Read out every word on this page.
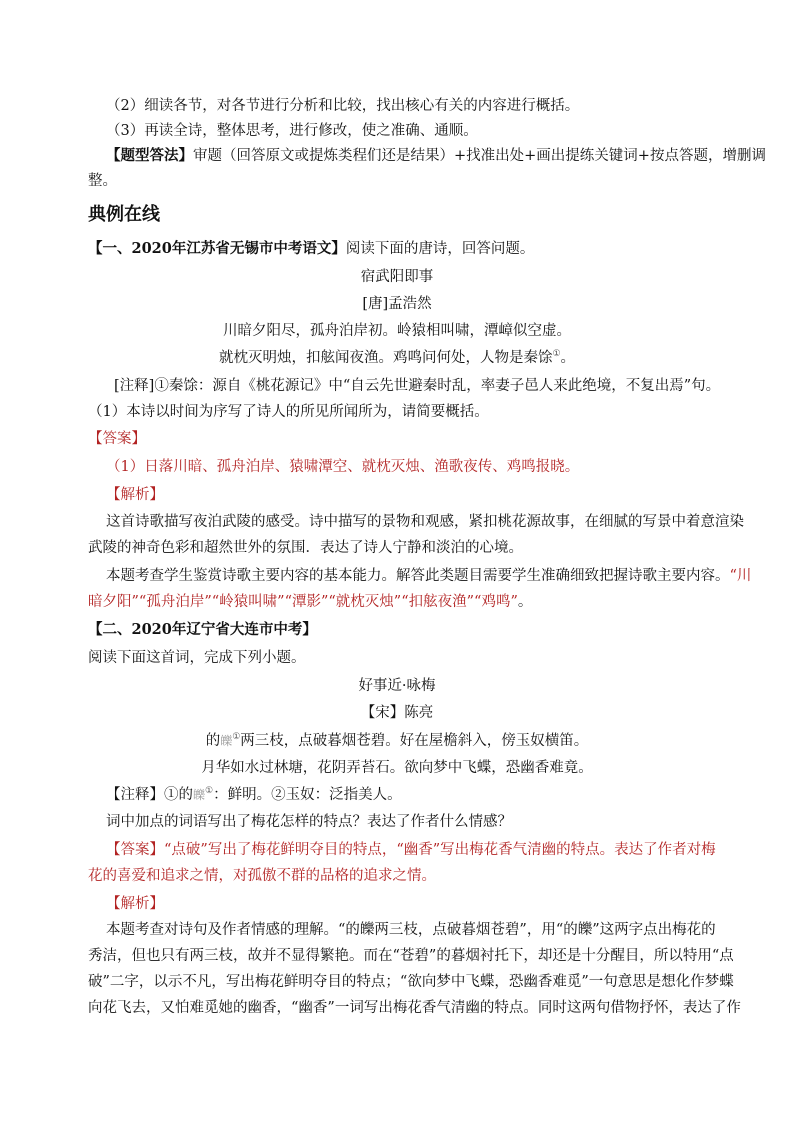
（2）细读各节，对各节进行分析和比较，找出核心有关的内容进行概括。
（3）再读全诗，整体思考，进行修改，使之准确、通顺。
【题型答法】审题（回答原文或提炼类程们还是结果）+找准出处+画出提练关键词+按点答题，增删调
整。
典例在线
【一、2020年江苏省无锡市中考语文】阅读下面的唐诗，回答问题。
宿武阳即事
[唐]孟浩然
川暗夕阳尽，孤舟泊岸初。岭猿相叫啸，潭嶂似空虚。
就枕灭明烛，扣舷闻夜渔。鸡鸣问何处，人物是秦馀①。
[注释]①秦馀：源自《桃花源记》中“自云先世避秦时乱，率妻子邑人来此绝境，不复出焉”句。
（1）本诗以时间为序写了诗人的所见所闻所为，请简要概括。
【答案】
（1）日落川暗、孤舟泊岸、猿啸潭空、就枕灭烛、渔歌夜传、鸡鸣报晓。
【解析】
这首诗歌描写夜泊武陵的感受。诗中描写的景物和观感，紧扣桃花源故事，在细腻的写景中着意渲染
武陵的神奇色彩和超然世外的氛围．表达了诗人宁静和淡泊的心境。
本题考查学生鉴赏诗歌主要内容的基本能力。解答此类题目需要学生准确细致把握诗歌主要内容。“川
暗夕阳”“孤舟泊岸”“岭猿叫啸”“潭影”“就枕灭烛”“扣舷夜渔”“鸡鸣”。
【二、2020年辽宁省大连市中考】
阅读下面这首词，完成下列小题。
好事近·咏梅
【宋】陈亮
的皪①两三枝，点破暮烟苍碧。好在屋檐斜入，傍玉奴横笛。
月华如水过林塘，花阴弄苔石。欲向梦中飞蝶，恐幽香难竟。
【注释】①的皪①：鲜明。②玉奴：泛指美人。
词中加点的词语写出了梅花怎样的特点？表达了作者什么情感？
【答案】“点破”写出了梅花鲜明夺目的特点，“幽香”写出梅花香气清幽的特点。表达了作者对梅
花的喜爱和追求之情，对孤傲不群的品格的追求之情。
【解析】
本题考查对诗句及作者情感的理解。“的皪两三枝，点破暮烟苍碧”，用“的皪”这两字点出梅花的
秀洁，但也只有两三枝，故并不显得繁艳。而在“苍碧”的暮烟衬托下，却还是十分醒目，所以特用“点
破”二字，以示不凡，写出梅花鲜明夺目的特点；“欲向梦中飞蝶，恐幽香难觅”一句意思是想化作梦蝶
向花飞去，又怕难觅她的幽香，“幽香”一词写出梅花香气清幽的特点。同时这两句借物抒怀，表达了作
